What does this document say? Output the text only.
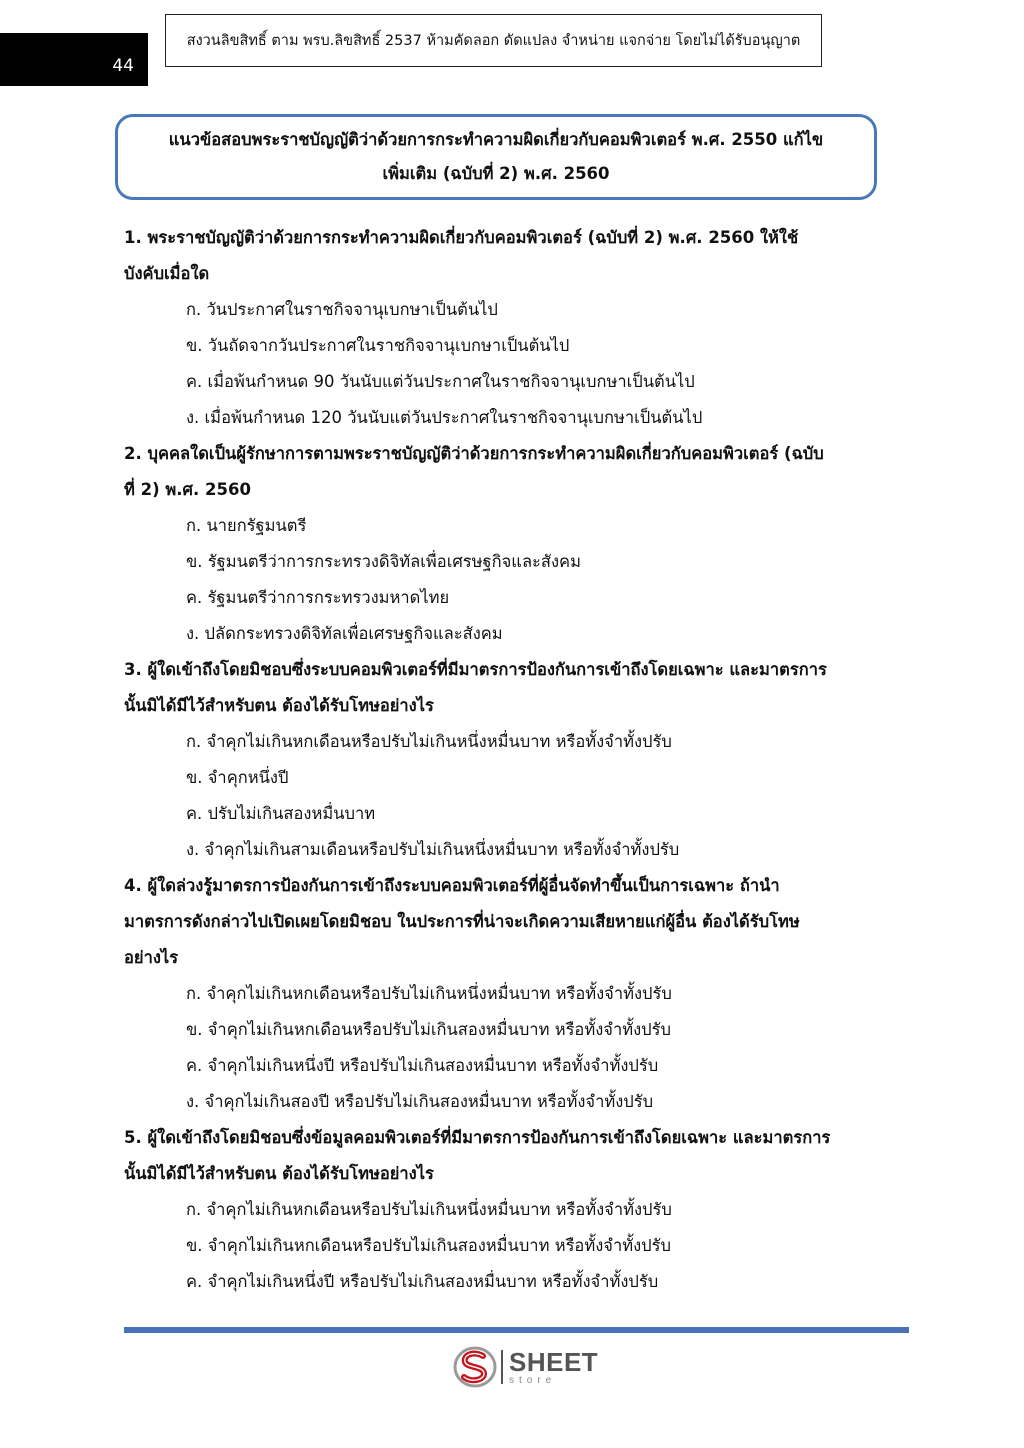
44
สงวนลิขสิทธิ์ ตาม พรบ.ลิขสิทธิ์ 2537 ห้ามคัดลอก ดัดแปลง จำหน่าย แจกจ่าย โดยไม่ได้รับอนุญาต
แนวข้อสอบพระราชบัญญัติว่าด้วยการกระทำความผิดเกี่ยวกับคอมพิวเตอร์ พ.ศ. 2550 แก้ไข
เพิ่มเติม (ฉบับที่ 2) พ.ศ. 2560
1. พระราชบัญญัติว่าด้วยการกระทำความผิดเกี่ยวกับคอมพิวเตอร์ (ฉบับที่ 2) พ.ศ. 2560 ให้ใช้
บังคับเมื่อใด
ก. วันประกาศในราชกิจจานุเบกษาเป็นต้นไป
ข. วันถัดจากวันประกาศในราชกิจจานุเบกษาเป็นต้นไป
ค. เมื่อพ้นกำหนด 90 วันนับแต่วันประกาศในราชกิจจานุเบกษาเป็นต้นไป
ง. เมื่อพ้นกำหนด 120 วันนับแต่วันประกาศในราชกิจจานุเบกษาเป็นต้นไป
2. บุคคลใดเป็นผู้รักษาการตามพระราชบัญญัติว่าด้วยการกระทำความผิดเกี่ยวกับคอมพิวเตอร์ (ฉบับ
ที่ 2) พ.ศ. 2560
ก. นายกรัฐมนตรี
ข. รัฐมนตรีว่าการกระทรวงดิจิทัลเพื่อเศรษฐกิจและสังคม
ค. รัฐมนตรีว่าการกระทรวงมหาดไทย
ง. ปลัดกระทรวงดิจิทัลเพื่อเศรษฐกิจและสังคม
3. ผู้ใดเข้าถึงโดยมิชอบซึ่งระบบคอมพิวเตอร์ที่มีมาตรการป้องกันการเข้าถึงโดยเฉพาะ และมาตรการ
นั้นมิได้มีไว้สำหรับตน ต้องได้รับโทษอย่างไร
ก. จำคุกไม่เกินหกเดือนหรือปรับไม่เกินหนึ่งหมื่นบาท หรือทั้งจำทั้งปรับ
ข. จำคุกหนึ่งปี
ค. ปรับไม่เกินสองหมื่นบาท
ง. จำคุกไม่เกินสามเดือนหรือปรับไม่เกินหนึ่งหมื่นบาท หรือทั้งจำทั้งปรับ
4. ผู้ใดล่วงรู้มาตรการป้องกันการเข้าถึงระบบคอมพิวเตอร์ที่ผู้อื่นจัดทำขึ้นเป็นการเฉพาะ ถ้านำ
มาตรการดังกล่าวไปเปิดเผยโดยมิชอบ ในประการที่น่าจะเกิดความเสียหายแก่ผู้อื่น ต้องได้รับโทษ
อย่างไร
ก. จำคุกไม่เกินหกเดือนหรือปรับไม่เกินหนึ่งหมื่นบาท หรือทั้งจำทั้งปรับ
ข. จำคุกไม่เกินหกเดือนหรือปรับไม่เกินสองหมื่นบาท หรือทั้งจำทั้งปรับ
ค. จำคุกไม่เกินหนึ่งปี หรือปรับไม่เกินสองหมื่นบาท หรือทั้งจำทั้งปรับ
ง. จำคุกไม่เกินสองปี หรือปรับไม่เกินสองหมื่นบาท หรือทั้งจำทั้งปรับ
5. ผู้ใดเข้าถึงโดยมิชอบซึ่งข้อมูลคอมพิวเตอร์ที่มีมาตรการป้องกันการเข้าถึงโดยเฉพาะ และมาตรการ
นั้นมิได้มีไว้สำหรับตน ต้องได้รับโทษอย่างไร
ก. จำคุกไม่เกินหกเดือนหรือปรับไม่เกินหนึ่งหมื่นบาท หรือทั้งจำทั้งปรับ
ข. จำคุกไม่เกินหกเดือนหรือปรับไม่เกินสองหมื่นบาท หรือทั้งจำทั้งปรับ
ค. จำคุกไม่เกินหนึ่งปี หรือปรับไม่เกินสองหมื่นบาท หรือทั้งจำทั้งปรับ
SHEET
store
